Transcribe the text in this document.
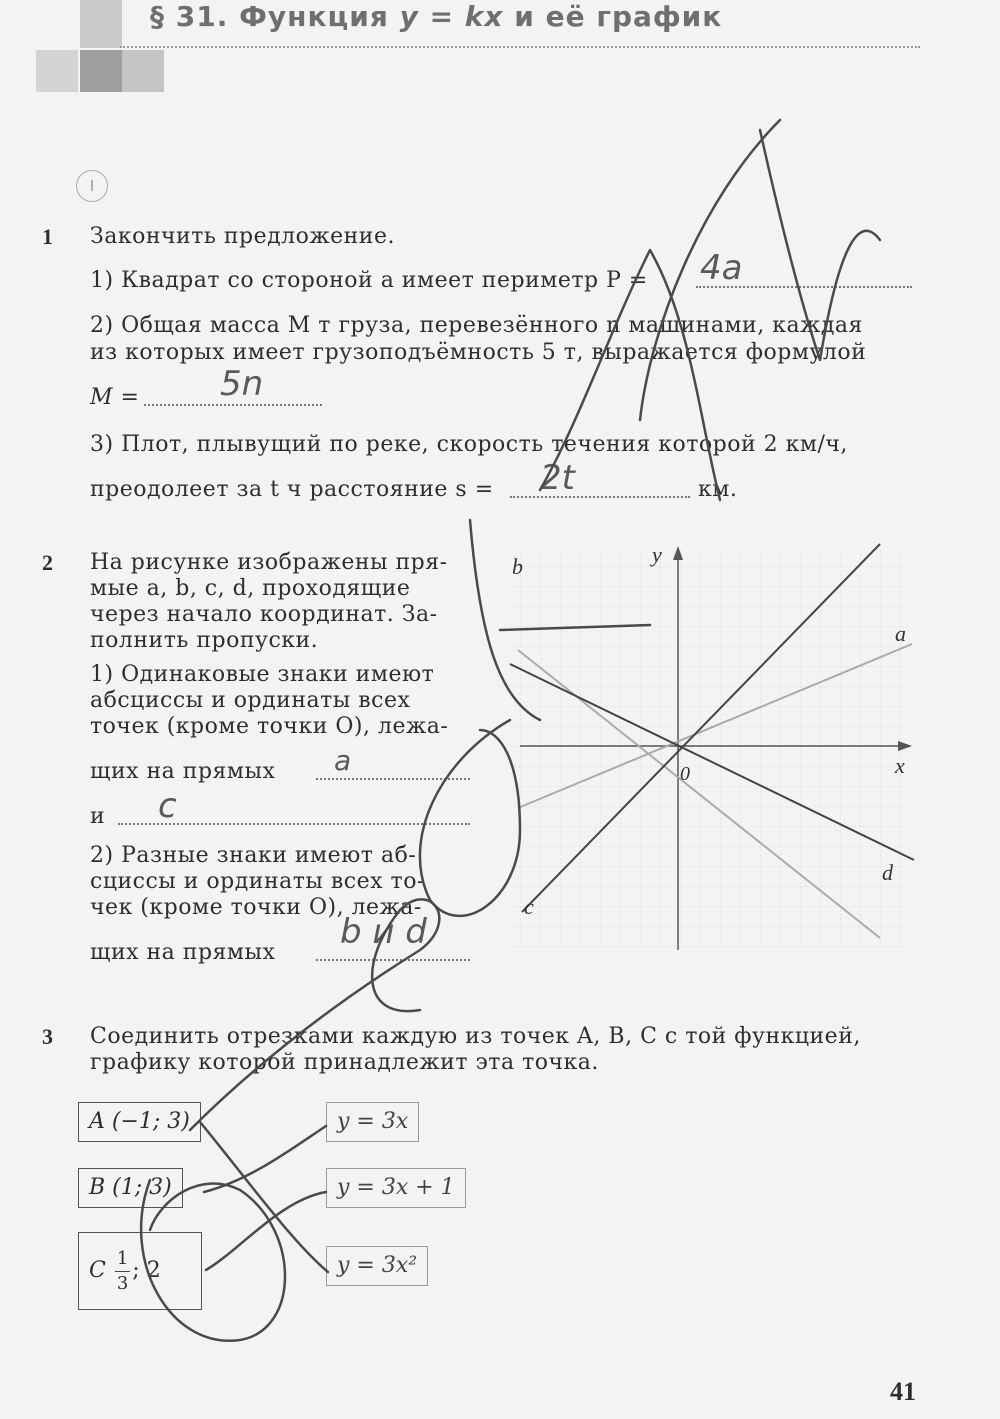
§ 31. Функция y = kx и её график
I
1 Закончить предложение.
1) Квадрат со стороной a имеет периметр P = 4a
2) Общая масса M т груза, перевезённого n машинами, каждая
из которых имеет грузоподъёмность 5 т, выражается формулой
M = 5n
3) Плот, плывущий по реке, скорость течения которой 2 км/ч,
преодолеет за t ч расстояние s = 2t	км.
2 На рисунке изображены пря-
мые a, b, c, d, проходящие
через начало координат. За-
полнить пропуски.
1) Одинаковые знаки имеют
абсциссы и ординаты всех
точек (кроме точки O), лежа-
щих на прямых a
и c
2) Разные знаки имеют аб-
сциссы и ординаты всех то-
чек (кроме точки O), лежа-
щих на прямых
b и d
0	x
y
a
b
c
d
3 Соединить отрезками каждую из точек A, B, C с той функцией,
графику которой принадлежит эта точка.
A (−1; 3)
B (1; 3)
C $\frac{1}{3}$ ; 2
y = 3x
y = 3x + 1
y = 3x²
41
